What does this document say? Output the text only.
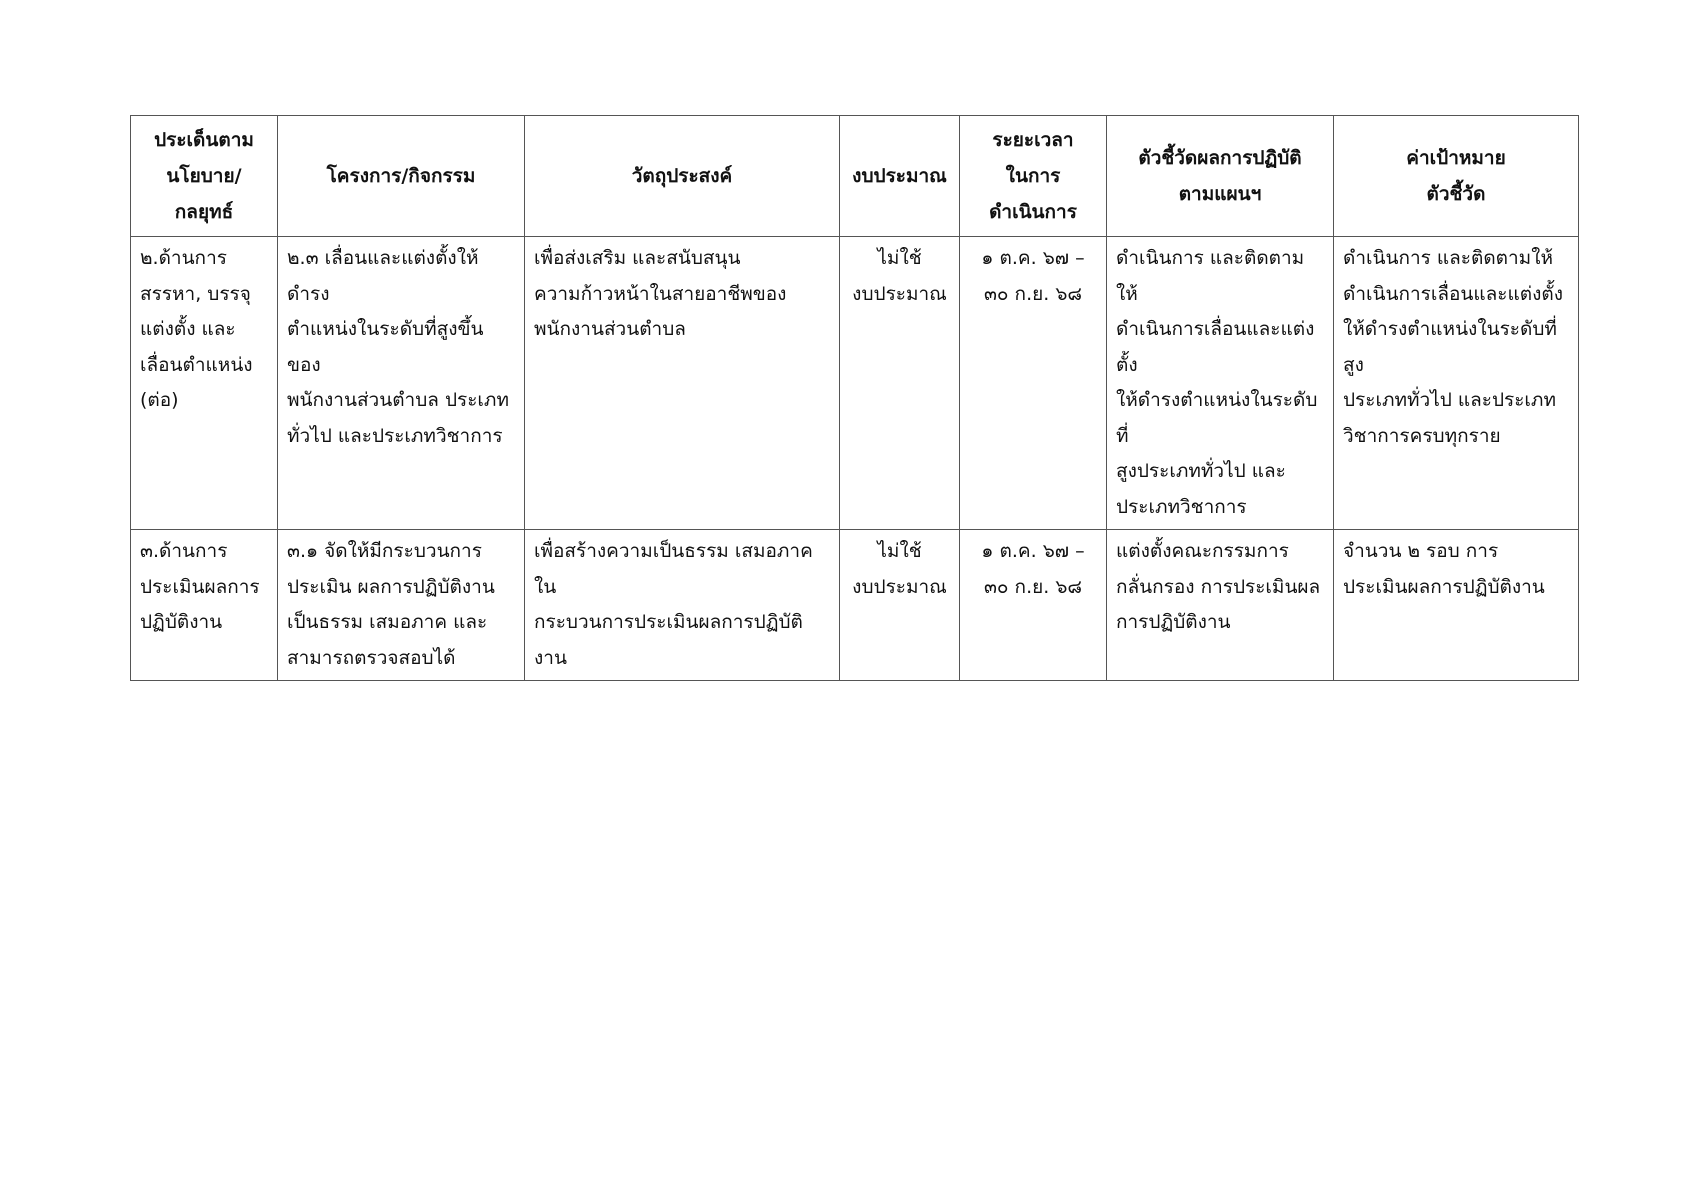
ประเด็นตาม
นโยบาย/
กลยุทธ์	โครงการ/กิจกรรม	วัตถุประสงค์	งบประมาณ	ระยะเวลา
ในการ
ดำเนินการ	ตัวชี้วัดผลการปฏิบัติ
ตามแผนฯ	ค่าเป้าหมาย
ตัวชี้วัด

๒.ด้านการ
สรรหา, บรรจุ
แต่งตั้ง และ
เลื่อนตำแหน่ง
(ต่อ)	๒.๓ เลื่อนและแต่งตั้งให้ดำรง
ตำแหน่งในระดับที่สูงขึ้นของ
พนักงานส่วนตำบล ประเภท
ทั่วไป และประเภทวิชาการ	เพื่อส่งเสริม และสนับสนุน
ความก้าวหน้าในสายอาชีพของ
พนักงานส่วนตำบล	ไม่ใช้
งบประมาณ	๑ ต.ค. ๖๗ –
๓๐ ก.ย. ๖๘	ดำเนินการ และติดตามให้
ดำเนินการเลื่อนและแต่งตั้ง
ให้ดำรงตำแหน่งในระดับที่
สูงประเภททั่วไป และ
ประเภทวิชาการ	ดำเนินการ และติดตามให้
ดำเนินการเลื่อนและแต่งตั้ง
ให้ดำรงตำแหน่งในระดับที่สูง
ประเภททั่วไป และประเภท
วิชาการครบทุกราย

๓.ด้านการ
ประเมินผลการ
ปฏิบัติงาน	๓.๑ จัดให้มีกระบวนการ
ประเมิน ผลการปฏิบัติงาน
เป็นธรรม เสมอภาค และ
สามารถตรวจสอบได้	เพื่อสร้างความเป็นธรรม เสมอภาค ใน
กระบวนการประเมินผลการปฏิบัติงาน	ไม่ใช้
งบประมาณ	๑ ต.ค. ๖๗ –
๓๐ ก.ย. ๖๘	แต่งตั้งคณะกรรมการ
กลั่นกรอง การประเมินผล
การปฏิบัติงาน	จำนวน ๒ รอบ การ
ประเมินผลการปฏิบัติงาน
